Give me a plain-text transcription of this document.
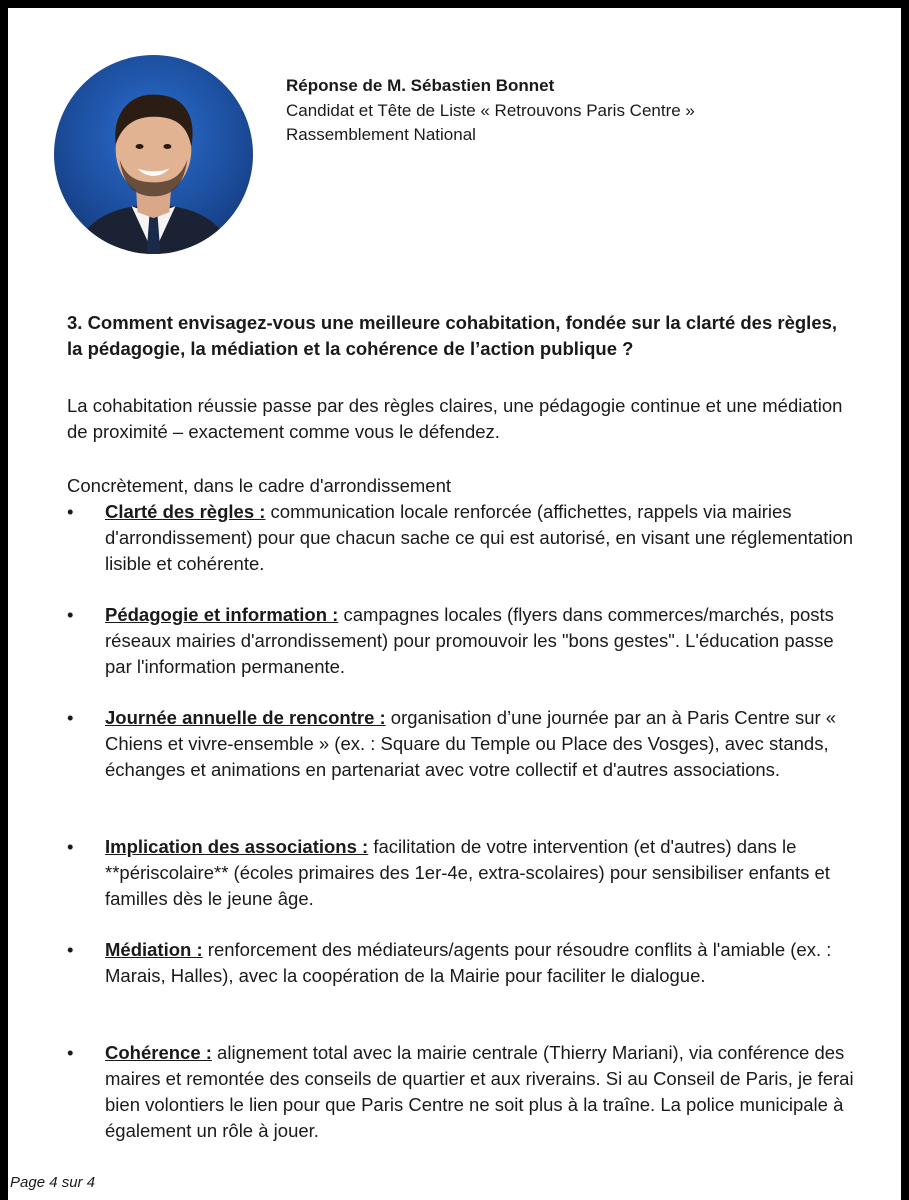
Réponse de M. Sébastien Bonnet
Candidat et Tête de Liste « Retrouvons Paris Centre »
Rassemblement National
3. Comment envisagez-vous une meilleure cohabitation, fondée sur la clarté des règles, la pédagogie, la médiation et la cohérence de l’action publique ?
La cohabitation réussie passe par des règles claires, une pédagogie continue et une médiation de proximité – exactement comme vous le défendez.
Concrètement, dans le cadre d'arrondissement
•	Clarté des règles : communication locale renforcée (affichettes, rappels via mairies d'arrondissement) pour que chacun sache ce qui est autorisé, en visant une réglementation lisible et cohérente.
•	Pédagogie et information : campagnes locales (flyers dans commerces/marchés, posts réseaux mairies d'arrondissement) pour promouvoir les "bons gestes". L'éducation passe par l'information permanente.
•	Journée annuelle de rencontre : organisation d’une journée par an à Paris Centre sur « Chiens et vivre-ensemble » (ex. : Square du Temple ou Place des Vosges), avec stands, échanges et animations en partenariat avec votre collectif et d'autres associations.
•	Implication des associations : facilitation de votre intervention (et d'autres) dans le **périscolaire** (écoles primaires des 1er-4e, extra-scolaires) pour sensibiliser enfants et familles dès le jeune âge.
•	Médiation : renforcement des médiateurs/agents pour résoudre conflits à l'amiable (ex. : Marais, Halles), avec la coopération de la Mairie pour faciliter le dialogue.
•	Cohérence : alignement total avec la mairie centrale (Thierry Mariani), via conférence des maires et remontée des conseils de quartier et aux riverains. Si au Conseil de Paris, je ferai bien volontiers le lien pour que Paris Centre ne soit plus à la traîne. La police municipale à également un rôle à jouer.
Page 4 sur 4
